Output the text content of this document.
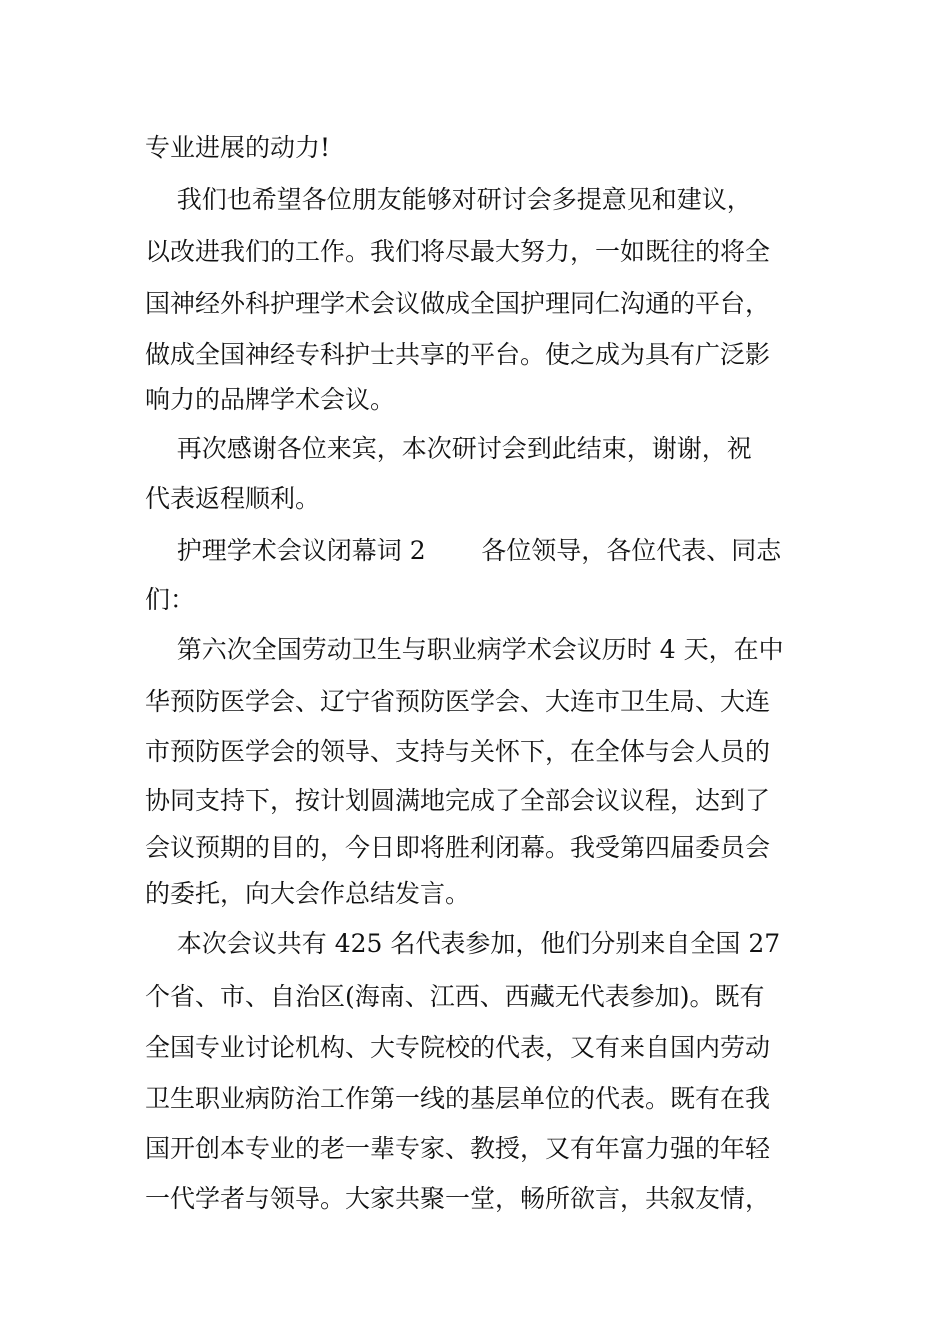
专业进展的动力!

我们也希望各位朋友能够对研讨会多提意见和建议，

以改进我们的工作。我们将尽最大努力，一如既往的将全

国神经外科护理学术会议做成全国护理同仁沟通的平台，

做成全国神经专科护士共享的平台。使之成为具有广泛影

响力的品牌学术会议。

再次感谢各位来宾，本次研讨会到此结束，谢谢，祝

代表返程顺利。

护理学术会议闭幕词 2       各位领导，各位代表、同志

们：

第六次全国劳动卫生与职业病学术会议历时 4 天，在中

华预防医学会、辽宁省预防医学会、大连市卫生局、大连

市预防医学会的领导、支持与关怀下，在全体与会人员的

协同支持下，按计划圆满地完成了全部会议议程，达到了

会议预期的目的，今日即将胜利闭幕。我受第四届委员会

的委托，向大会作总结发言。

本次会议共有 425 名代表参加，他们分别来自全国 27

个省、市、自治区(海南、江西、西藏无代表参加)。既有

全国专业讨论机构、大专院校的代表，又有来自国内劳动

卫生职业病防治工作第一线的基层单位的代表。既有在我

国开创本专业的老一辈专家、教授，又有年富力强的年轻

一代学者与领导。大家共聚一堂，畅所欲言，共叙友情，
